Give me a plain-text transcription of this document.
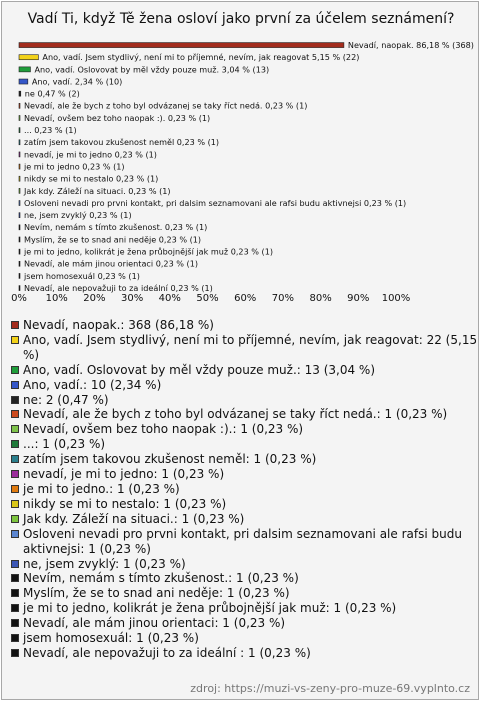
Vadí Ti, když Tě žena osloví jako první za účelem seznámení?
Nevadí, naopak. 86,18 % (368)
Ano, vadí. Jsem stydlivý, není mi to příjemné, nevím, jak reagovat 5,15 % (22)
Ano, vadí. Oslovovat by měl vždy pouze muž. 3,04 % (13)
Ano, vadí. 2,34 % (10)
ne 0,47 % (2)
Nevadí, ale že bych z toho byl odvázanej se taky říct nedá. 0,23 % (1)
Nevadí, ovšem bez toho naopak :). 0,23 % (1)
... 0,23 % (1)
zatím jsem takovou zkušenost neměl 0,23 % (1)
nevadí, je mi to jedno 0,23 % (1)
je mi to jedno 0,23 % (1)
nikdy se mi to nestalo 0,23 % (1)
Jak kdy. Záleží na situaci. 0,23 % (1)
Osloveni nevadi pro prvni kontakt, pri dalsim seznamovani ale rafsi budu aktivnejsi 0,23 % (1)
ne, jsem zvyklý 0,23 % (1)
Nevím, nemám s tímto zkušenost. 0,23 % (1)
Myslím, že se to snad ani neděje 0,23 % (1)
je mi to jedno, kolikrát je žena průbojnější jak muž 0,23 % (1)
Nevadí, ale mám jinou orientaci 0,23 % (1)
jsem homosexuál 0,23 % (1)
Nevadí, ale nepovažuji to za ideální 0,23 % (1)
0% 10% 20% 30% 40% 50% 60% 70% 80% 90% 100%
Nevadí, naopak.: 368 (86,18 %)
Ano, vadí. Jsem stydlivý, není mi to příjemné, nevím, jak reagovat: 22 (5,15 %)
Ano, vadí. Oslovovat by měl vždy pouze muž.: 13 (3,04 %)
Ano, vadí.: 10 (2,34 %)
ne: 2 (0,47 %)
Nevadí, ale že bych z toho byl odvázanej se taky říct nedá.: 1 (0,23 %)
Nevadí, ovšem bez toho naopak :).: 1 (0,23 %)
...: 1 (0,23 %)
zatím jsem takovou zkušenost neměl: 1 (0,23 %)
nevadí, je mi to jedno: 1 (0,23 %)
je mi to jedno.: 1 (0,23 %)
nikdy se mi to nestalo: 1 (0,23 %)
Jak kdy. Záleží na situaci.: 1 (0,23 %)
Osloveni nevadi pro prvni kontakt, pri dalsim seznamovani ale rafsi budu aktivnejsi: 1 (0,23 %)
ne, jsem zvyklý: 1 (0,23 %)
Nevím, nemám s tímto zkušenost.: 1 (0,23 %)
Myslím, že se to snad ani neděje: 1 (0,23 %)
je mi to jedno, kolikrát je žena průbojnější jak muž: 1 (0,23 %)
Nevadí, ale mám jinou orientaci: 1 (0,23 %)
jsem homosexuál: 1 (0,23 %)
Nevadí, ale nepovažuji to za ideální : 1 (0,23 %)
zdroj: https://muzi-vs-zeny-pro-muze-69.vyplnto.cz
